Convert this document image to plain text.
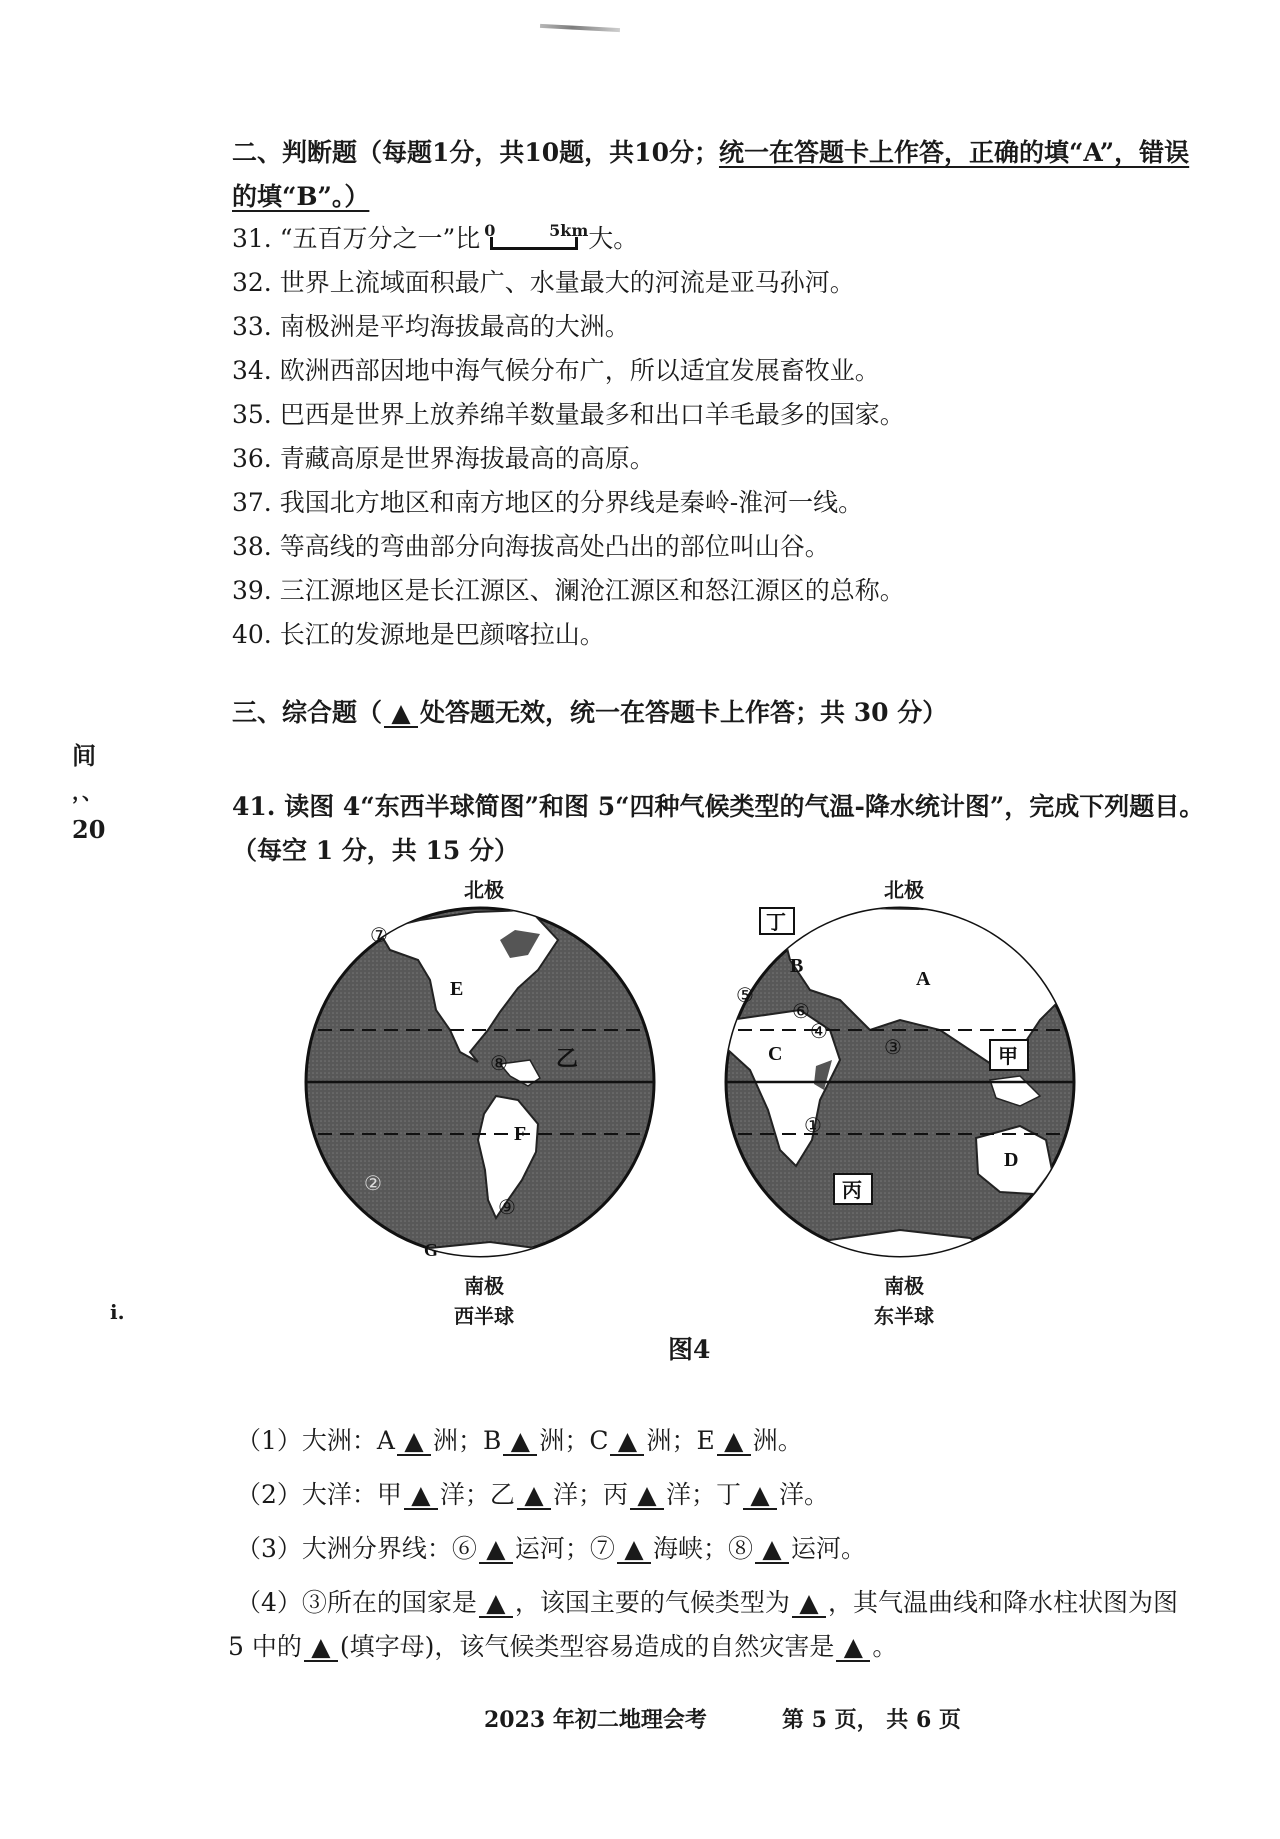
二、判断题（每题1分，共10题，共10分；统一在答题卡上作答，正确的填“A”，错误
的填“B”。）
31. “五百万分之一”比 0	5km 大。
32. 世界上流域面积最广、水量最大的河流是亚马孙河。
33. 南极洲是平均海拔最高的大洲。
34. 欧洲西部因地中海气候分布广，所以适宜发展畜牧业。
35. 巴西是世界上放养绵羊数量最多和出口羊毛最多的国家。
36. 青藏高原是世界海拔最高的高原。
37. 我国北方地区和南方地区的分界线是秦岭-淮河一线。
38. 等高线的弯曲部分向海拔高处凸出的部位叫山谷。
39. 三江源地区是长江源区、澜沧江源区和怒江源区的总称。
40. 长江的发源地是巴颜喀拉山。
三、综合题（ ▲ 处答题无效，统一在答题卡上作答；共 30 分）
间
，、
20
i.
41. 读图 4“东西半球简图”和图 5“四种气候类型的气温-降水统计图”，完成下列题目。
（每空 1 分，共 15 分）
北极
E
F
G
乙
⑦
⑧
⑨
②
南极
西半球
北极
甲
丙
丁
A
B
C
D
①
③
④
⑤
⑥
南极
东半球
图4
（1）大洲：A ▲ 洲；B ▲ 洲；C ▲ 洲；E ▲ 洲。
（2）大洋：甲 ▲ 洋；乙 ▲ 洋；丙 ▲ 洋；丁 ▲ 洋。
（3）大洲分界线：⑥ ▲ 运河；⑦ ▲ 海峡；⑧ ▲ 运河。
（4）③所在的国家是 ▲ ，该国主要的气候类型为 ▲ ，其气温曲线和降水柱状图为图
5 中的 ▲ (填字母)，该气候类型容易造成的自然灾害是 ▲ 。
2023 年初二地理会考	第 5 页， 共 6 页
